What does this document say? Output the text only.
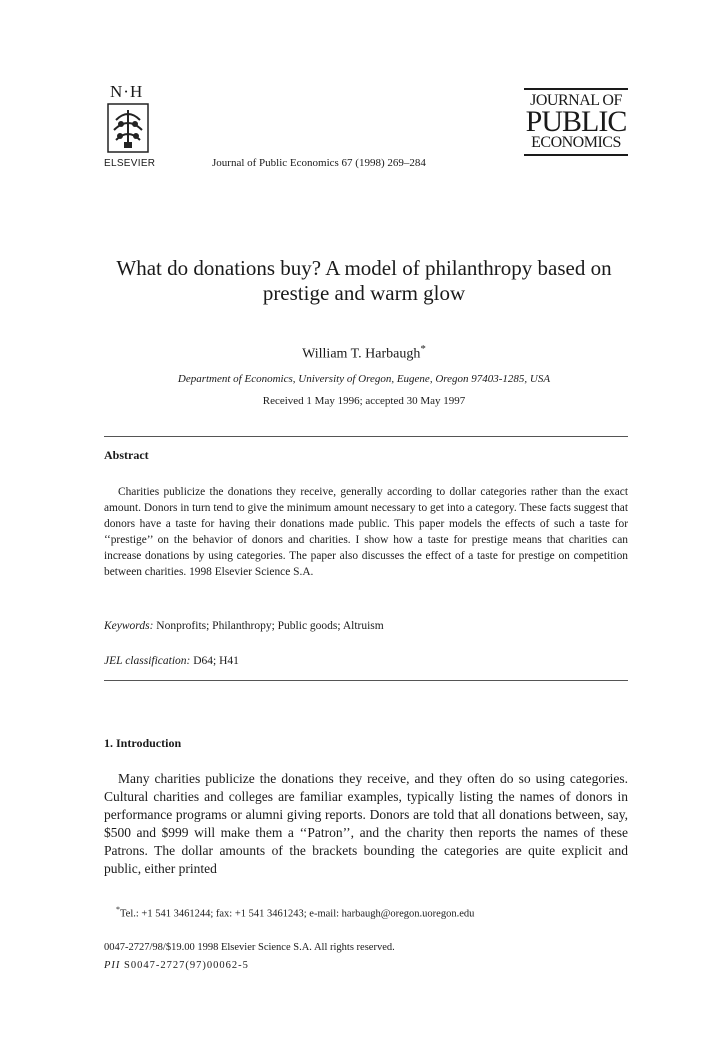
N·H
ELSEVIER	Journal of Public Economics 67 (1998) 269–284
JOURNAL OF
PUBLIC
ECONOMICS
What do donations buy? A model of philanthropy based on prestige and warm glow
William T. Harbaugh*
Department of Economics, University of Oregon, Eugene, Oregon 97403-1285, USA
Received 1 May 1996; accepted 30 May 1997
Abstract
Charities publicize the donations they receive, generally according to dollar categories rather than the exact amount. Donors in turn tend to give the minimum amount necessary to get into a category. These facts suggest that donors have a taste for having their donations made public. This paper models the effects of such a taste for ‘‘prestige’’ on the behavior of donors and charities. I show how a taste for prestige means that charities can increase donations by using categories. The paper also discusses the effect of a taste for prestige on competition between charities. 1998 Elsevier Science S.A.
Keywords: Nonprofits; Philanthropy; Public goods; Altruism
JEL classification: D64; H41
1. Introduction
Many charities publicize the donations they receive, and they often do so using categories. Cultural charities and colleges are familiar examples, typically listing the names of donors in performance programs or alumni giving reports. Donors are told that all donations between, say, $500 and $999 will make them a ‘‘Patron’’, and the charity then reports the names of these Patrons. The dollar amounts of the brackets bounding the categories are quite explicit and public, either printed
*Tel.: +1 541 3461244; fax: +1 541 3461243; e-mail: harbaugh@oregon.uoregon.edu
0047-2727/98/$19.00 1998 Elsevier Science S.A. All rights reserved.
PII S0047-2727(97)00062-5
